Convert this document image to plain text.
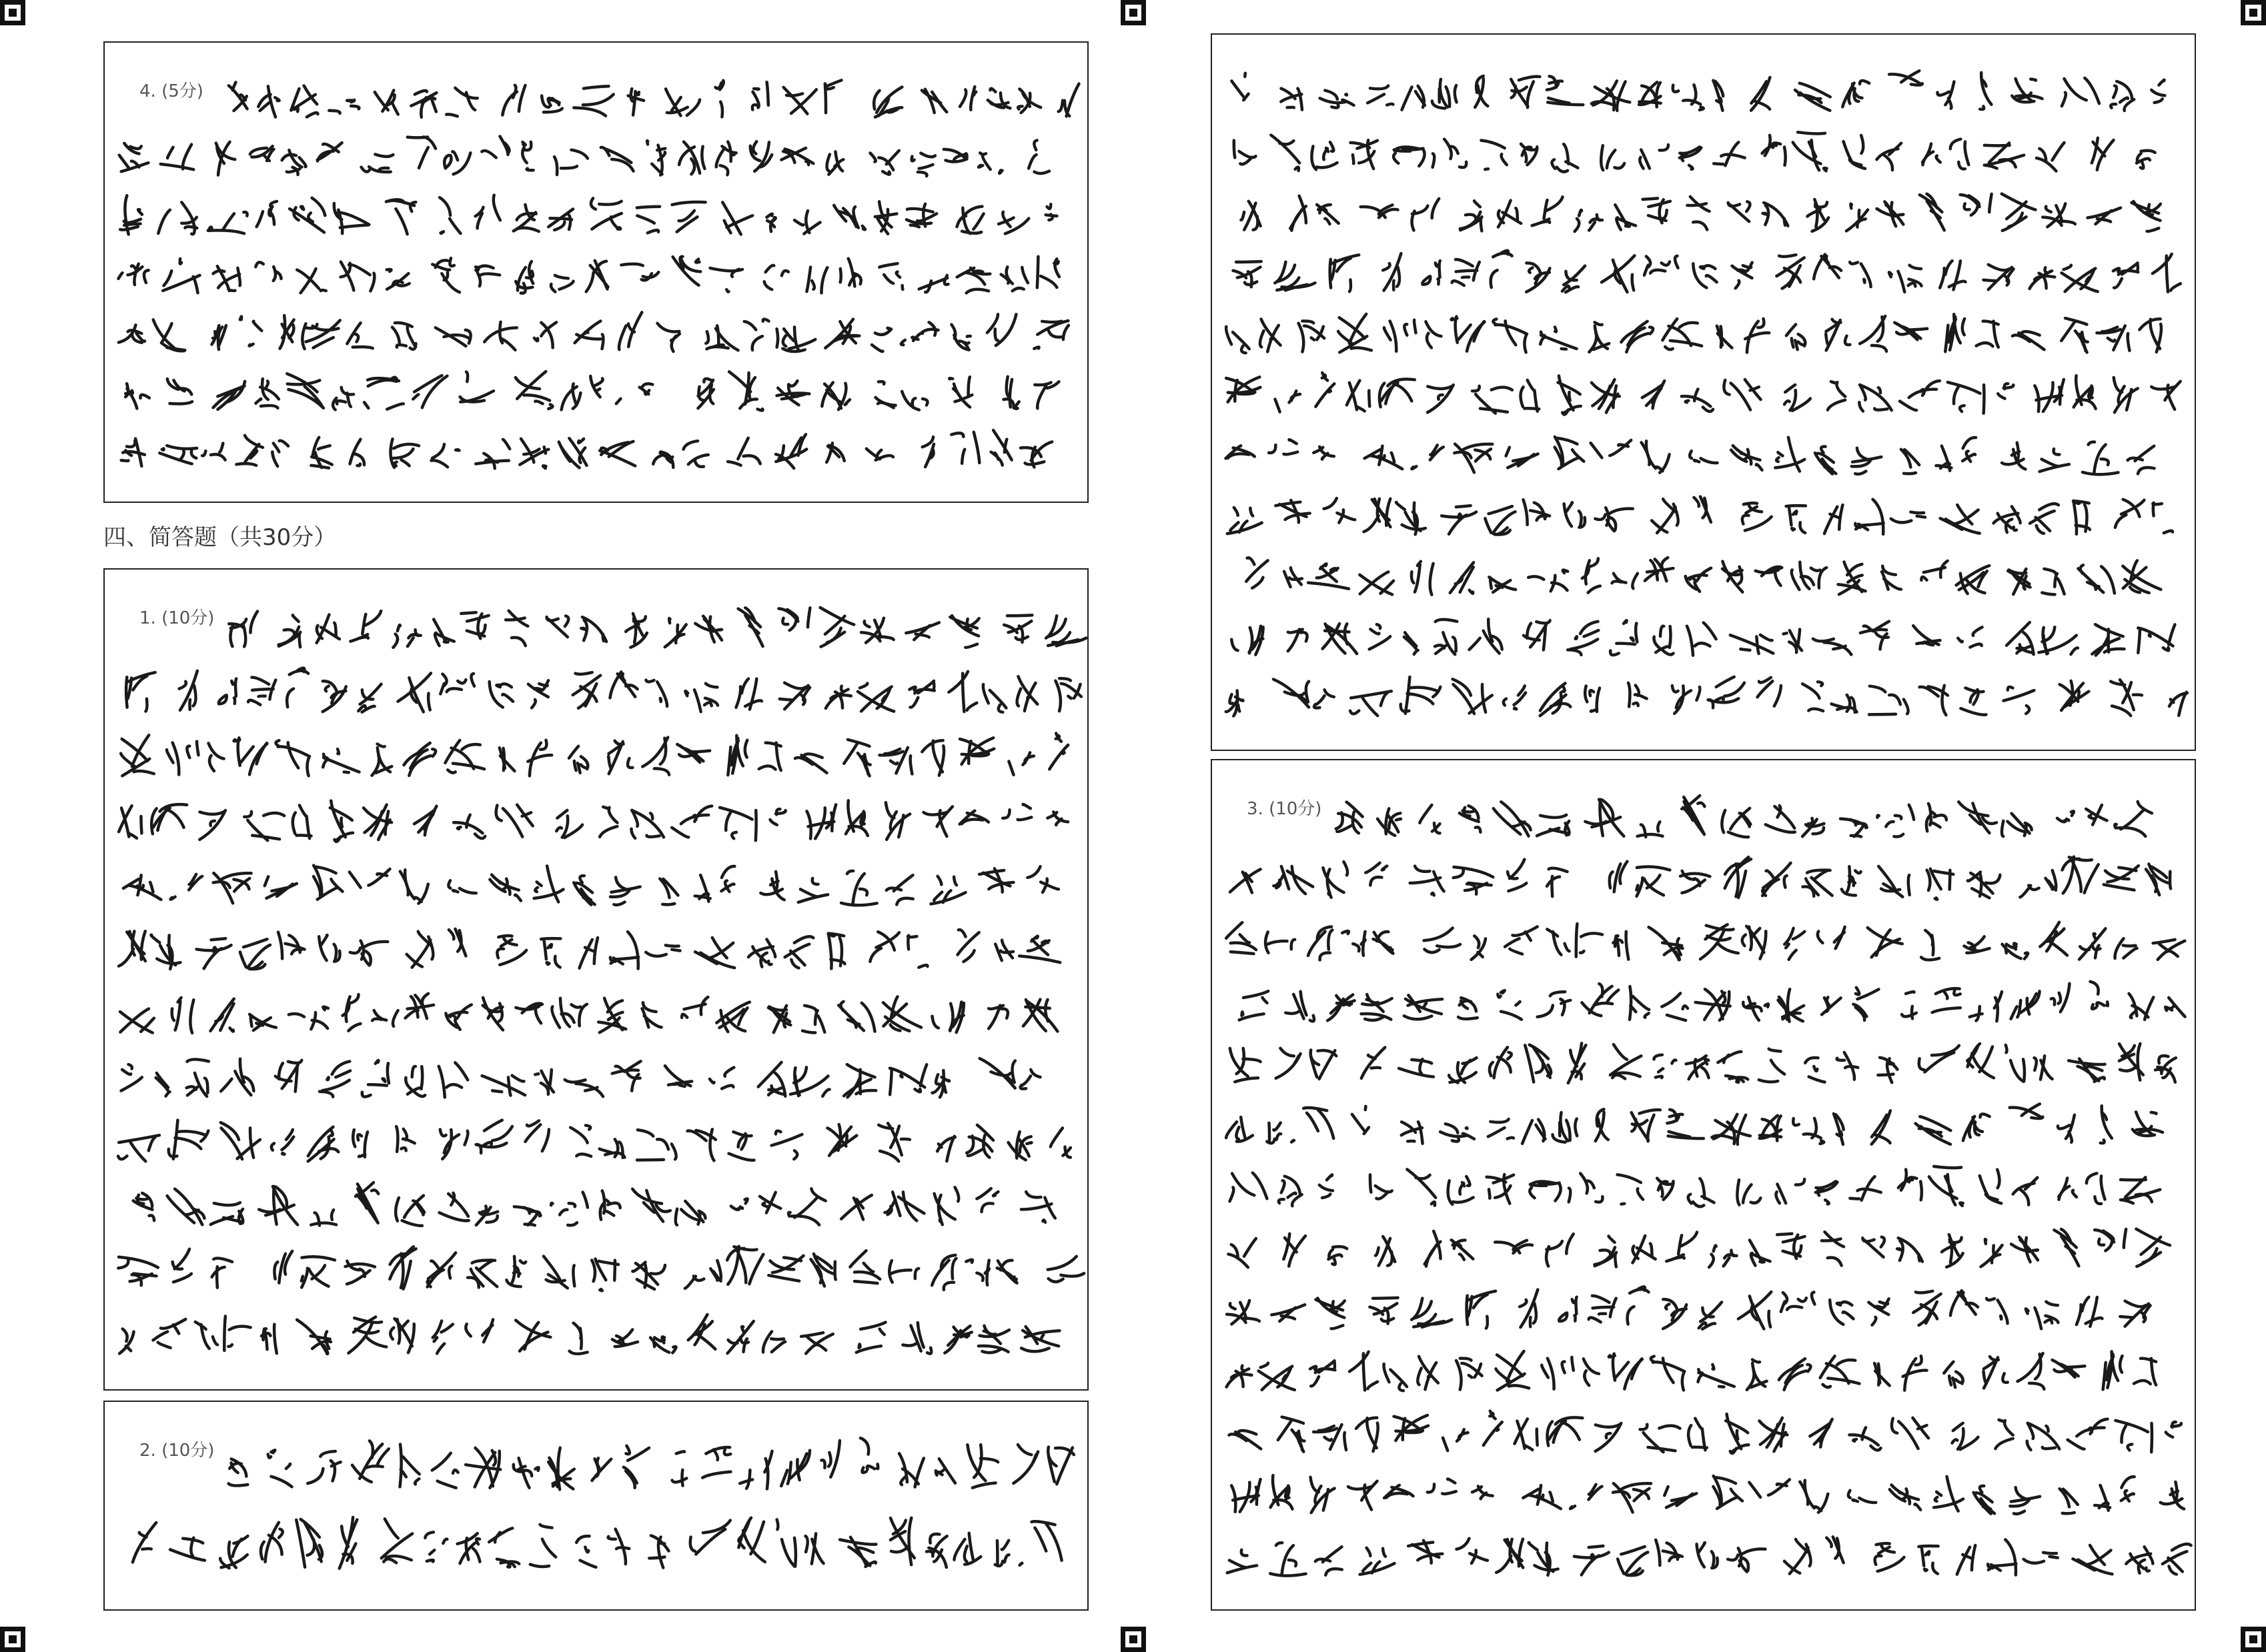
4. (5分)
四、简答题（共30分）
1. (10分)
2. (10分)
3. (10分)
